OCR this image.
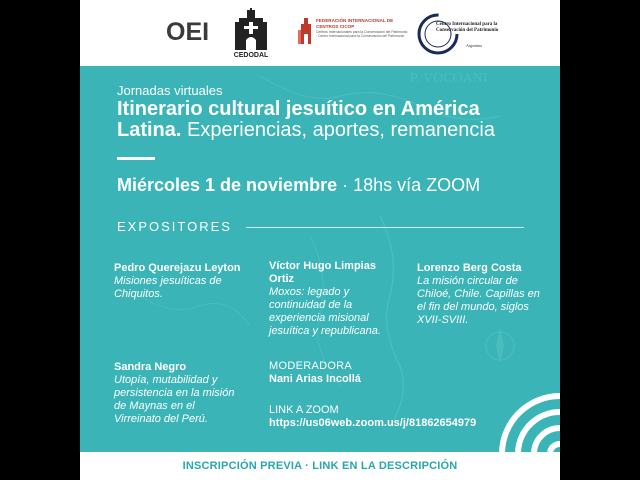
OEI
CEDODAL
FEDERACIÓN INTERNACIONAL DE CENTROS CICOP
Centros Internacionales para la Conservación del Patrimonio · Centro Internacional para la Conservación del Patrimonio
Centro Internacional para la Conservación del Patrimonio
Argentina
P. VOCOANI
Jornadas virtuales
Itinerario cultural jesuítico en América
Latina. Experiencias, aportes, remanencia
Miércoles 1 de noviembre · 18hs vía ZOOM
EXPOSITORES
Pedro Querejazu Leyton
Misiones jesuíticas de Chiquitos.
Víctor Hugo Limpias Ortiz
Moxos: legado y continuidad de la experiencia misional jesuítica y republicana.
Lorenzo Berg Costa
La misión circular de Chiloé, Chile. Capillas en el fin del mundo, siglos XVII-SVIII.
Sandra Negro
Utopía, mutabilidad y persistencia en la misión de Maynas en el Virreinato del Perú.
MODERADORA
Nani Arias Incollá
LINK A ZOOM
https://us06web.zoom.us/j/81862654979
INSCRIPCIÓN PREVIA · LINK EN LA DESCRIPCIÓN
